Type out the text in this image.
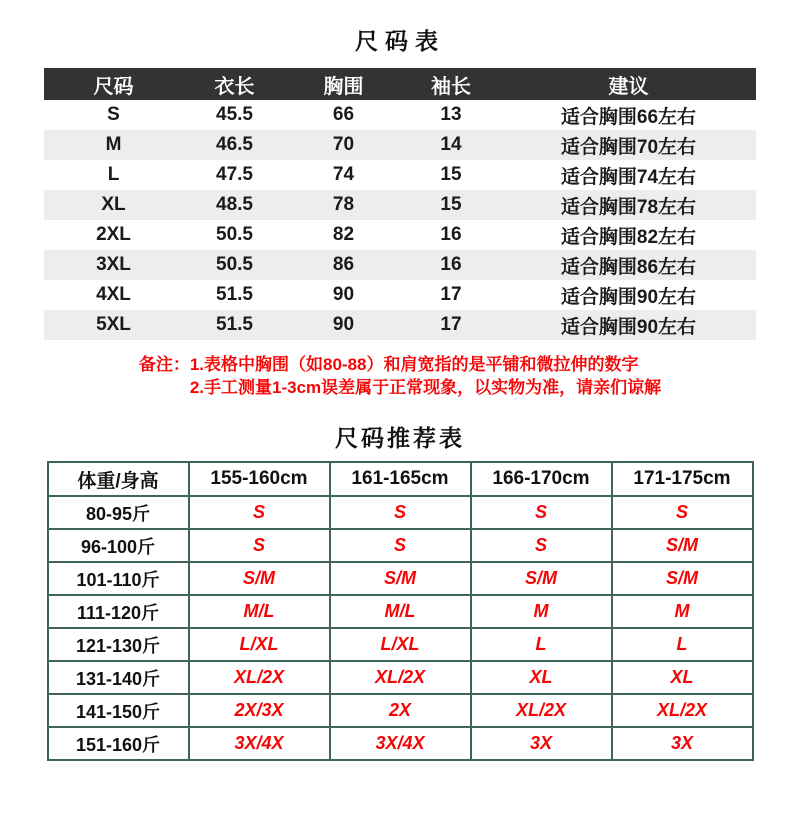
尺码表
尺码	衣长	胸围	袖长	建议
S	45.5	66	13	适合胸围66左右
M	46.5	70	14	适合胸围70左右
L	47.5	74	15	适合胸围74左右
XL	48.5	78	15	适合胸围78左右
2XL	50.5	82	16	适合胸围82左右
3XL	50.5	86	16	适合胸围86左右
4XL	51.5	90	17	适合胸围90左右
5XL	51.5	90	17	适合胸围90左右
备注：1.表格中胸围（如80-88）和肩宽指的是平铺和微拉伸的数字
2.手工测量1-3cm误差属于正常现象，以实物为准，请亲们谅解
尺码推荐表
体重/身高	155-160cm	161-165cm	166-170cm	171-175cm
80-95斤	S	S	S	S
96-100斤	S	S	S	S/M
101-110斤	S/M	S/M	S/M	S/M
111-120斤	M/L	M/L	M	M
121-130斤	L/XL	L/XL	L	L
131-140斤	XL/2X	XL/2X	XL	XL
141-150斤	2X/3X	2X	XL/2X	XL/2X
151-160斤	3X/4X	3X/4X	3X	3X
